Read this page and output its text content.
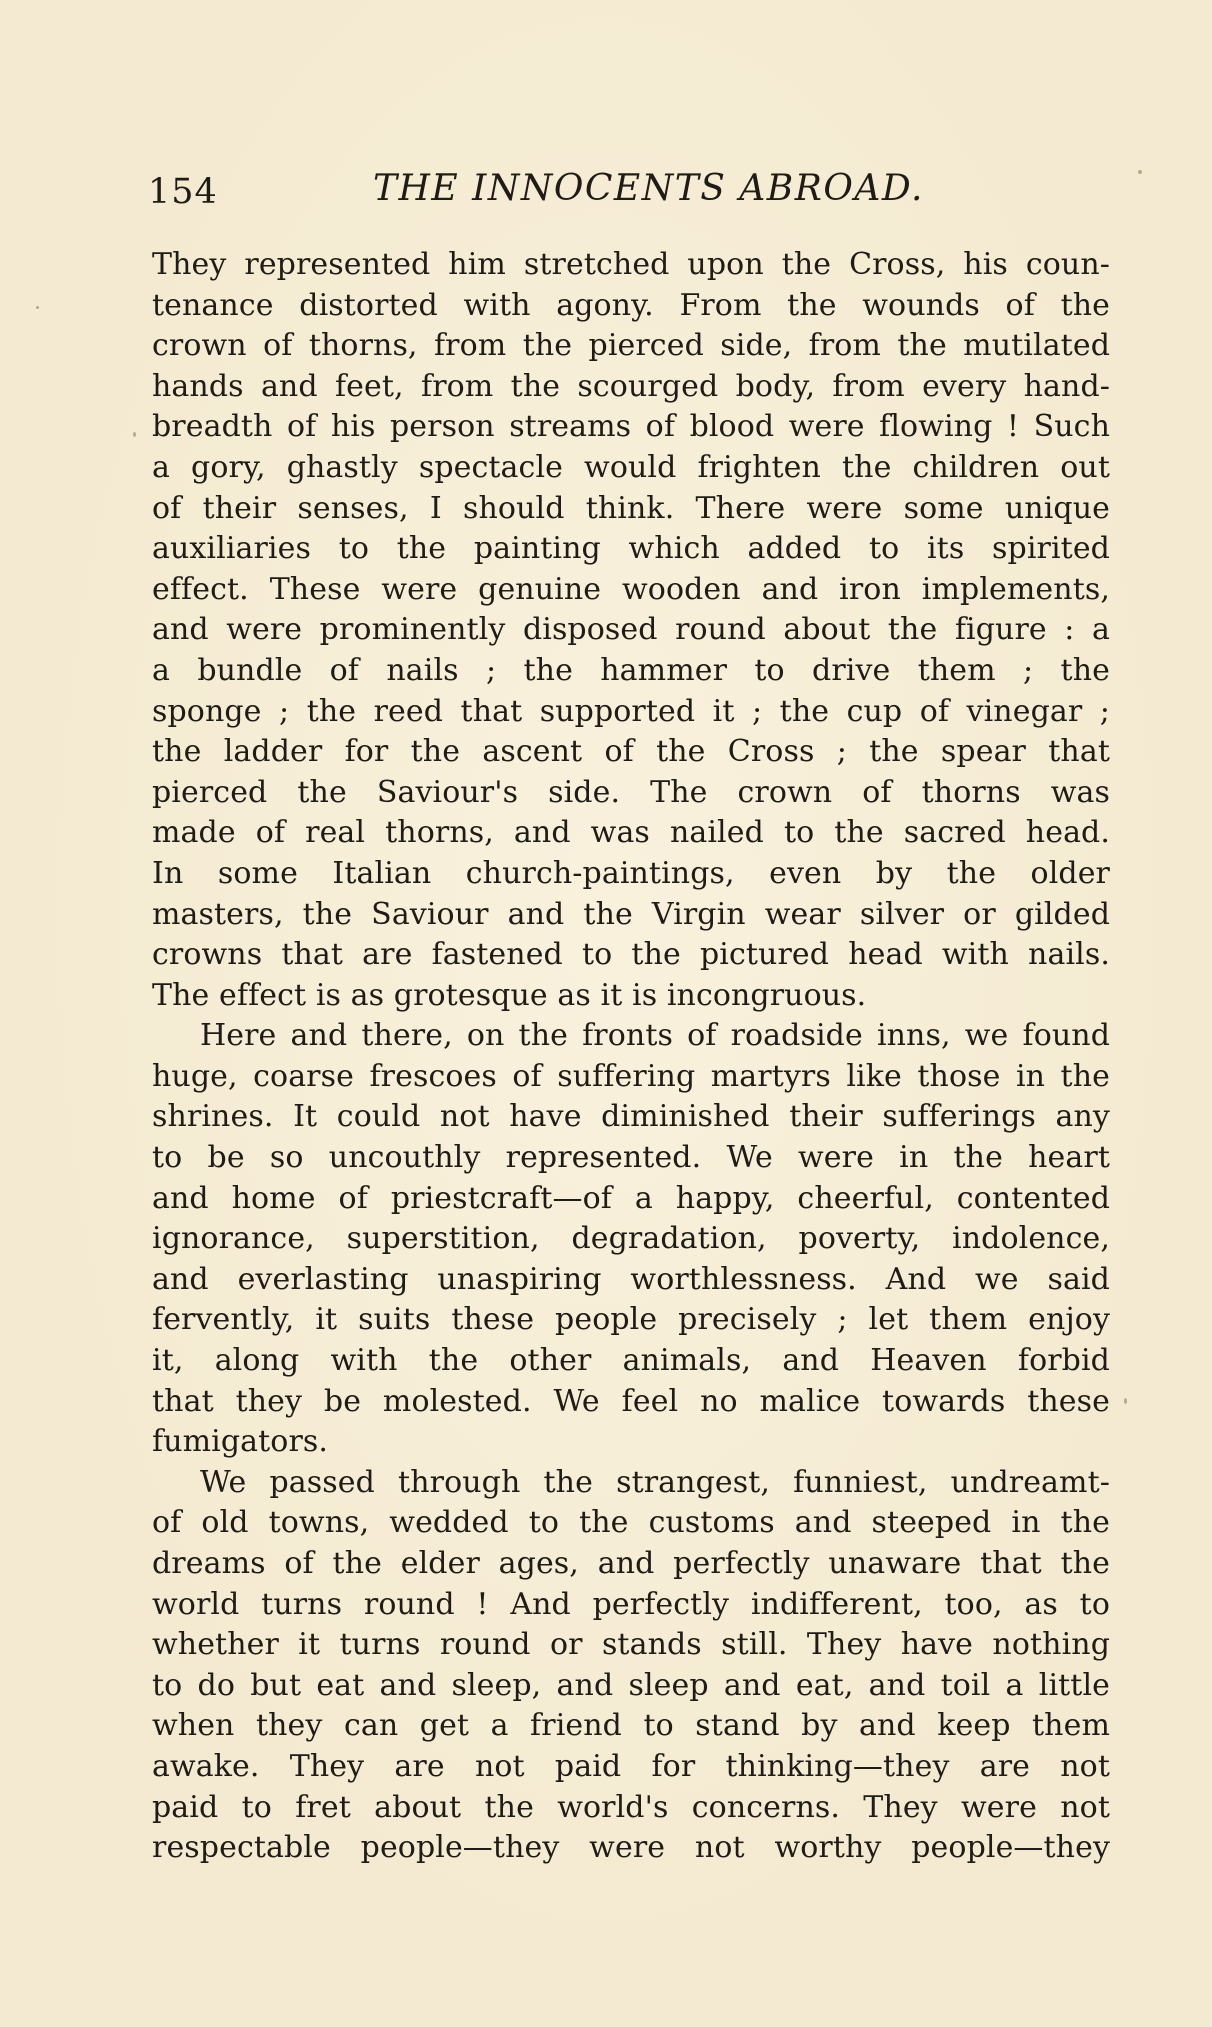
154	THE INNOCENTS ABROAD.
They represented him stretched upon the Cross, his coun-
tenance distorted with agony. From the wounds of the
crown of thorns, from the pierced side, from the mutilated
hands and feet, from the scourged body, from every hand-
breadth of his person streams of blood were flowing ! Such
a gory, ghastly spectacle would frighten the children out
of their senses, I should think. There were some unique
auxiliaries to the painting which added to its spirited
effect. These were genuine wooden and iron implements,
and were prominently disposed round about the figure : a
a bundle of nails ; the hammer to drive them ; the
sponge ; the reed that supported it ; the cup of vinegar ;
the ladder for the ascent of the Cross ; the spear that
pierced the Saviour's side. The crown of thorns was
made of real thorns, and was nailed to the sacred head.
In some Italian church-paintings, even by the older
masters, the Saviour and the Virgin wear silver or gilded
crowns that are fastened to the pictured head with nails.
The effect is as grotesque as it is incongruous.
Here and there, on the fronts of roadside inns, we found
huge, coarse frescoes of suffering martyrs like those in the
shrines. It could not have diminished their sufferings any
to be so uncouthly represented. We were in the heart
and home of priestcraft—of a happy, cheerful, contented
ignorance, superstition, degradation, poverty, indolence,
and everlasting unaspiring worthlessness. And we said
fervently, it suits these people precisely ; let them enjoy
it, along with the other animals, and Heaven forbid
that they be molested. We feel no malice towards these
fumigators.
We passed through the strangest, funniest, undreamt-
of old towns, wedded to the customs and steeped in the
dreams of the elder ages, and perfectly unaware that the
world turns round ! And perfectly indifferent, too, as to
whether it turns round or stands still. They have nothing
to do but eat and sleep, and sleep and eat, and toil a little
when they can get a friend to stand by and keep them
awake. They are not paid for thinking—they are not
paid to fret about the world's concerns. They were not
respectable people—they were not worthy people—they
